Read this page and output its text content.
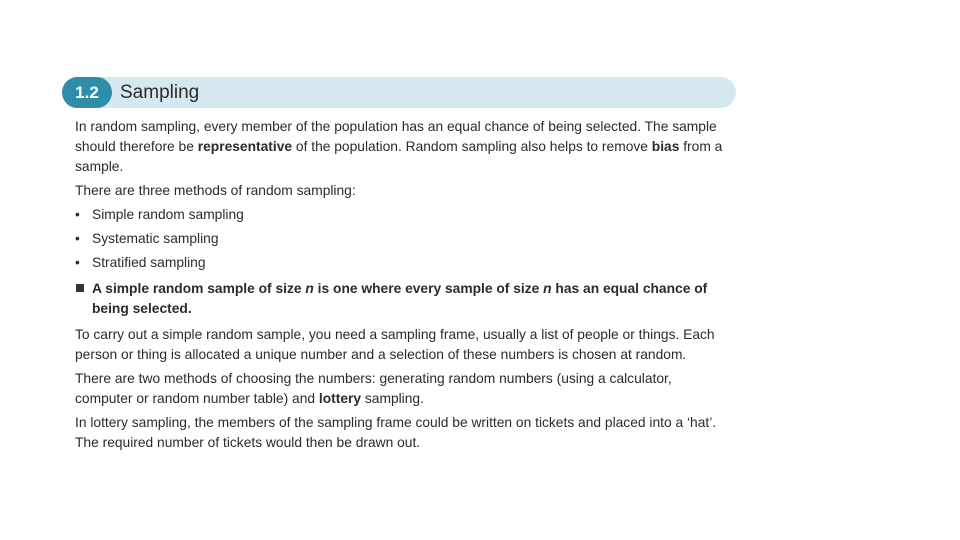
1.2	Sampling

In random sampling, every member of the population has an equal chance of being selected. The sample should therefore be representative of the population. Random sampling also helps to remove bias from a sample.

There are three methods of random sampling:

• Simple random sampling
• Systematic sampling
• Stratified sampling
A simple random sample of size n is one where every sample of size n has an equal chance of being selected.

To carry out a simple random sample, you need a sampling frame, usually a list of people or things. Each person or thing is allocated a unique number and a selection of these numbers is chosen at random.

There are two methods of choosing the numbers: generating random numbers (using a calculator, computer or random number table) and lottery sampling.

In lottery sampling, the members of the sampling frame could be written on tickets and placed into a ‘hat’. The required number of tickets would then be drawn out.
